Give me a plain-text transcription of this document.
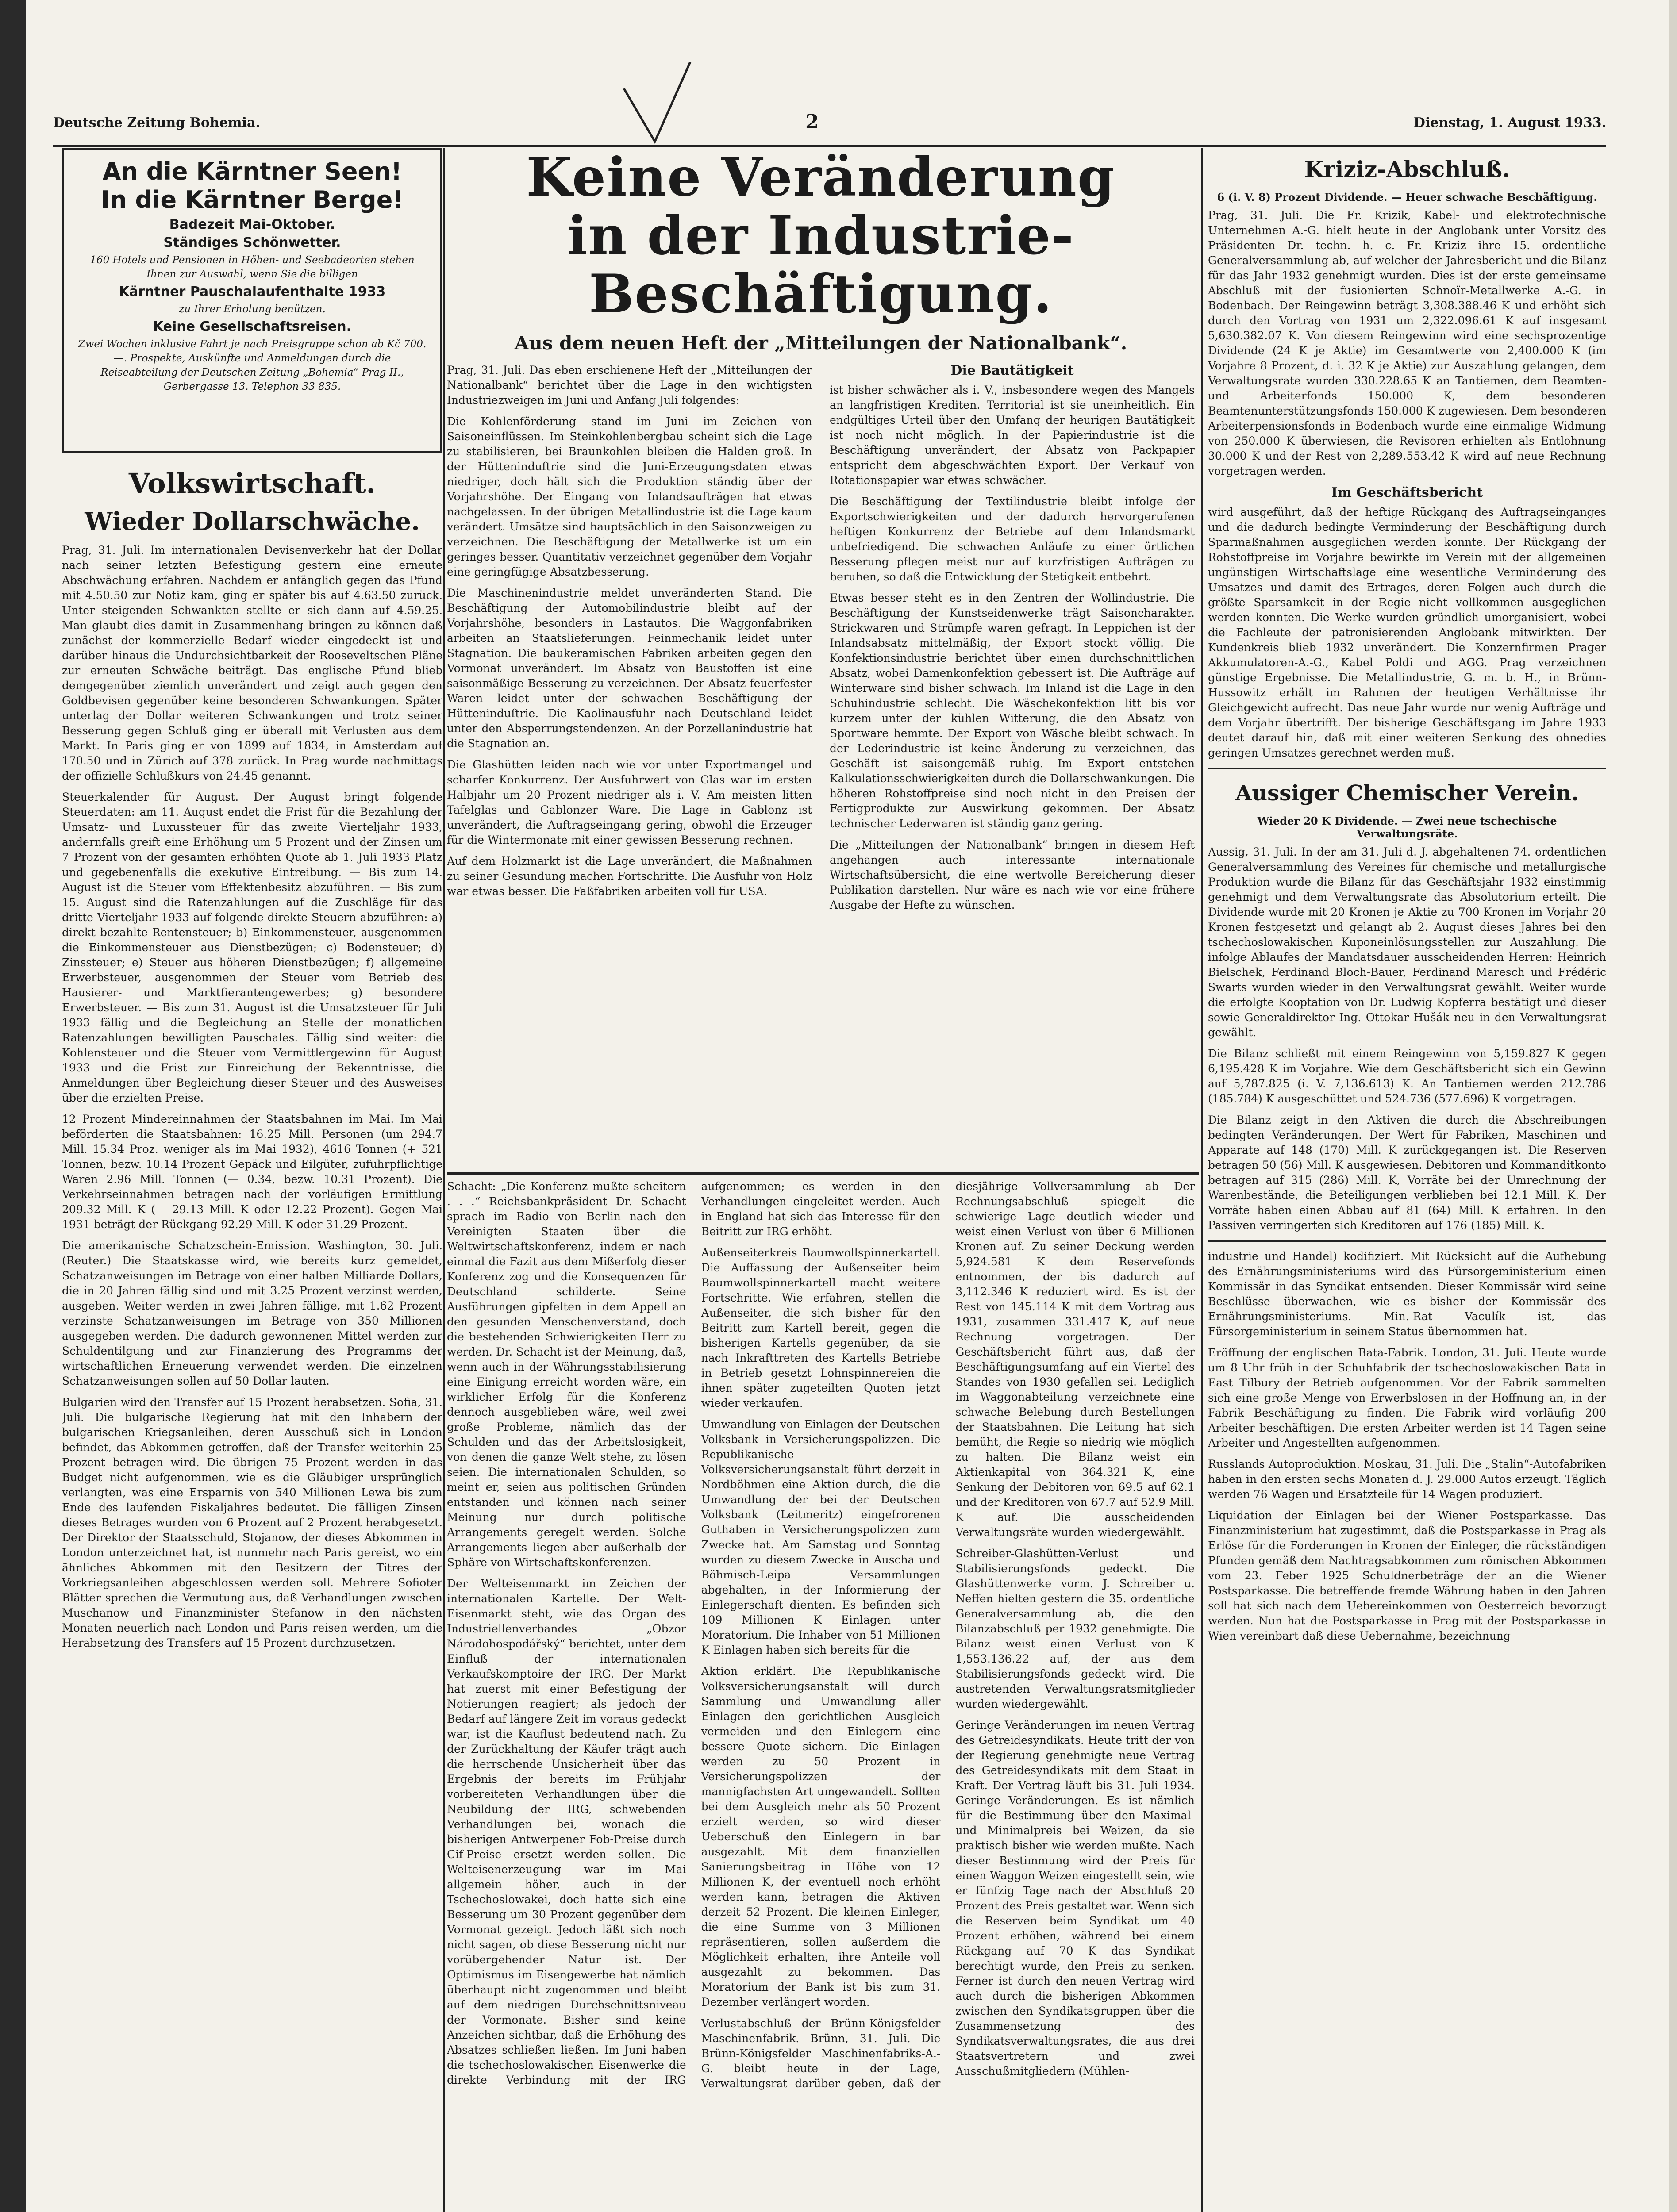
Deutsche Zeitung Bohemia.	2	Dienstag, 1. August 1933.
An die Kärntner Seen!
In die Kärntner Berge!
Badezeit Mai-Oktober.
Ständiges Schönwetter.
160 Hotels und Pensionen in Höhen- und Seebadeorten stehen Ihnen zur Auswahl, wenn Sie die billigen
Kärntner Pauschalaufenthalte 1933
zu Ihrer Erholung benützen.
Keine Gesellschaftsreisen.
Zwei Wochen inklusive Fahrt je nach Preisgruppe schon ab Kč 700.—. Prospekte, Auskünfte und Anmeldungen durch die Reiseabteilung der Deutschen Zeitung „Bohemia“ Prag II., Gerbergasse 13. Telephon 33 835.
Volkswirtschaft.
Wieder Dollarschwäche.

Prag, 31. Juli. Im internationalen Devisenverkehr hat der Dollar nach seiner letzten Befestigung gestern eine erneute Abschwächung erfahren. Nachdem er anfänglich gegen das Pfund mit 4.50.50 zur Notiz kam, ging er später bis auf 4.63.50 zurück. Unter steigenden Schwankten stellte er sich dann auf 4.59.25. Man glaubt dies damit in Zusammenhang bringen zu können daß zunächst der kommerzielle Bedarf wieder eingedeckt ist und darüber hinaus die Undurchsichtbarkeit der Rooseveltschen Pläne zur erneuten Schwäche beiträgt. Das englische Pfund blieb demgegenüber ziemlich unverändert und zeigt auch gegen den Goldbevisen gegenüber keine besonderen Schwankungen. Später unterlag der Dollar weiteren Schwankungen und trotz seiner Besserung gegen Schluß ging er überall mit Verlusten aus dem Markt. In Paris ging er von 1899 auf 1834, in Amsterdam auf 170.50 und in Zürich auf 378 zurück. In Prag wurde nachmittags der offizielle Schlußkurs von 24.45 genannt.

Steuerkalender für August. Der August bringt folgende Steuerdaten: am 11. August endet die Frist für die Bezahlung der Umsatz- und Luxussteuer für das zweite Vierteljahr 1933, andernfalls greift eine Erhöhung um 5 Prozent und der Zinsen um 7 Prozent von der gesamten erhöhten Quote ab 1. Juli 1933 Platz und gegebenenfalls die exekutive Eintreibung. — Bis zum 14. August ist die Steuer vom Effektenbesitz abzuführen. — Bis zum 15. August sind die Ratenzahlungen auf die Zuschläge für das dritte Vierteljahr 1933 auf folgende direkte Steuern abzuführen: a) direkt bezahlte Rentensteuer; b) Einkommensteuer, ausgenommen die Einkommensteuer aus Dienstbezügen; c) Bodensteuer; d) Zinssteuer; e) Steuer aus höheren Dienstbezügen; f) allgemeine Erwerbsteuer, ausgenommen der Steuer vom Betrieb des Hausierer- und Marktfierantengewerbes; g) besondere Erwerbsteuer. — Bis zum 31. August ist die Umsatzsteuer für Juli 1933 fällig und die Begleichung an Stelle der monatlichen Ratenzahlungen bewilligten Pauschales. Fällig sind weiter: die Kohlensteuer und die Steuer vom Vermittlergewinn für August 1933 und die Frist zur Einreichung der Bekenntnisse, die Anmeldungen über Begleichung dieser Steuer und des Ausweises über die erzielten Preise.

12 Prozent Mindereinnahmen der Staatsbahnen im Mai. Im Mai beförderten die Staatsbahnen: 16.25 Mill. Personen (um 294.7 Mill. 15.34 Proz. weniger als im Mai 1932), 4616 Tonnen (+ 521 Tonnen, bezw. 10.14 Prozent Gepäck und Eilgüter, zufuhrpflichtige Waren 2.96 Mill. Tonnen (— 0.34, bezw. 10.31 Prozent). Die Verkehrseinnahmen betragen nach der vorläufigen Ermittlung 209.32 Mill. K (— 29.13 Mill. K oder 12.22 Prozent). Gegen Mai 1931 beträgt der Rückgang 92.29 Mill. K oder 31.29 Prozent.

Die amerikanische Schatzschein-Emission. Washington, 30. Juli. (Reuter.) Die Staatskasse wird, wie bereits kurz gemeldet, Schatzanweisungen im Betrage von einer halben Milliarde Dollars, die in 20 Jahren fällig sind und mit 3.25 Prozent verzinst werden, ausgeben. Weiter werden in zwei Jahren fällige, mit 1.62 Prozent verzinste Schatzanweisungen im Betrage von 350 Millionen ausgegeben werden. Die dadurch gewonnenen Mittel werden zur Schuldentilgung und zur Finanzierung des Programms der wirtschaftlichen Erneuerung verwendet werden. Die einzelnen Schatzanweisungen sollen auf 50 Dollar lauten.

Bulgarien wird den Transfer auf 15 Prozent herabsetzen. Sofia, 31. Juli. Die bulgarische Regierung hat mit den Inhabern der bulgarischen Kriegsanleihen, deren Ausschuß sich in London befindet, das Abkommen getroffen, daß der Transfer weiterhin 25 Prozent betragen wird. Die übrigen 75 Prozent werden in das Budget nicht aufgenommen, wie es die Gläubiger ursprünglich verlangten, was eine Ersparnis von 540 Millionen Lewa bis zum Ende des laufenden Fiskaljahres bedeutet. Die fälligen Zinsen dieses Betrages wurden von 6 Prozent auf 2 Prozent herabgesetzt. Der Direktor der Staatsschuld, Stojanow, der dieses Abkommen in London unterzeichnet hat, ist nunmehr nach Paris gereist, wo ein ähnliches Abkommen mit den Besitzern der Titres der Vorkriegsanleihen abgeschlossen werden soll. Mehrere Sofioter Blätter sprechen die Vermutung aus, daß Verhandlungen zwischen Muschanow und Finanzminister Stefanow in den nächsten Monaten neuerlich nach London und Paris reisen werden, um die Herabsetzung des Transfers auf 15 Prozent durchzusetzen.

Keine Veränderung
in der Industrie-Beschäftigung.
Aus dem neuen Heft der „Mitteilungen der Nationalbank“.

Prag, 31. Juli. Das eben erschienene Heft der „Mitteilungen der Nationalbank“ berichtet über die Lage in den wichtigsten Industriezweigen im Juni und Anfang Juli folgendes:

Die Kohlenförderung stand im Juni im Zeichen von Saisoneinflüssen. Im Steinkohlenbergbau scheint sich die Lage zu stabilisieren, bei Braunkohlen bleiben die Halden groß. In der Hütteninduſtrie sind die Juni-Erzeugungsdaten etwas niedriger, doch hält sich die Produktion ständig über der Vorjahrshöhe. Der Eingang von Inlandsaufträgen hat etwas nachgelassen. In der übrigen Metallindustrie ist die Lage kaum verändert. Umsätze sind hauptsächlich in den Saisonzweigen zu verzeichnen. Die Beschäftigung der Metallwerke ist um ein geringes besser. Quantitativ verzeichnet gegenüber dem Vorjahr eine geringfügige Absatzbesserung.

Die Maschinenindustrie meldet unveränderten Stand. Die Beschäftigung der Automobilindustrie bleibt auf der Vorjahrshöhe, besonders in Lastautos. Die Waggonfabriken arbeiten an Staatslieferungen. Feinmechanik leidet unter Stagnation. Die baukeramischen Fabriken arbeiten gegen den Vormonat unverändert. Im Absatz von Baustoffen ist eine saisonmäßige Besserung zu verzeichnen. Der Absatz feuerfester Waren leidet unter der schwachen Beschäftigung der Hütteninduſtrie. Die Kaolinausfuhr nach Deutschland leidet unter den Absperrungstendenzen. An der Porzellanindustrie hat die Stagnation an.

Die Glashütten leiden nach wie vor unter Exportmangel und scharfer Konkurrenz. Der Ausfuhrwert von Glas war im ersten Halbjahr um 20 Prozent niedriger als i. V. Am meisten litten Tafelglas und Gablonzer Ware. Die Lage in Gablonz ist unverändert, die Auftragseingang gering, obwohl die Erzeuger für die Wintermonate mit einer gewissen Besserung rechnen.

Auf dem Holzmarkt ist die Lage unverändert, die Maßnahmen zu seiner Gesundung machen Fortschritte. Die Ausfuhr von Holz war etwas besser. Die Faßfabriken arbeiten voll für USA.

Die Bautätigkeit

ist bisher schwächer als i. V., insbesondere wegen des Mangels an langfristigen Krediten. Territorial ist sie uneinheitlich. Ein endgültiges Urteil über den Umfang der heurigen Bautätigkeit ist noch nicht möglich. In der Papierindustrie ist die Beschäftigung unverändert, der Absatz von Packpapier entspricht dem abgeschwächten Export. Der Verkauf von Rotationspapier war etwas schwächer.

Die Beschäftigung der Textilindustrie bleibt infolge der Exportschwierigkeiten und der dadurch hervorgerufenen heftigen Konkurrenz der Betriebe auf dem Inlandsmarkt unbefriedigend. Die schwachen Anläufe zu einer örtlichen Besserung pflegen meist nur auf kurzfristigen Aufträgen zu beruhen, so daß die Entwicklung der Stetigkeit entbehrt.

Etwas besser steht es in den Zentren der Wollindustrie. Die Beschäftigung der Kunstseidenwerke trägt Saisoncharakter. Strickwaren und Strümpfe waren gefragt. In Leppichen ist der Inlandsabsatz mittelmäßig, der Export stockt völlig. Die Konfektionsindustrie berichtet über einen durchschnittlichen Absatz, wobei Damenkonfektion gebessert ist. Die Aufträge auf Winterware sind bisher schwach. Im Inland ist die Lage in den Schuhindustrie schlecht. Die Wäschekonfektion litt bis vor kurzem unter der kühlen Witterung, die den Absatz von Sportware hemmte. Der Export von Wäsche bleibt schwach. In der Lederindustrie ist keine Änderung zu verzeichnen, das Geschäft ist saisongemäß ruhig. Im Export entstehen Kalkulationsschwierigkeiten durch die Dollarschwankungen. Die höheren Rohstoffpreise sind noch nicht in den Preisen der Fertigprodukte zur Auswirkung gekommen. Der Absatz technischer Lederwaren ist ständig ganz gering.

Die „Mitteilungen der Nationalbank“ bringen in diesem Heft angehangen auch interessante internationale Wirtschaftsübersicht, die eine wertvolle Bereicherung dieser Publikation darstellen. Nur wäre es nach wie vor eine frühere Ausgabe der Hefte zu wünschen.

Schacht: „Die Konferenz mußte scheitern . . .“ Reichsbankpräsident Dr. Schacht sprach im Radio von Berlin nach den Vereinigten Staaten über die Weltwirtschaftskonferenz, indem er nach einmal die Fazit aus dem Mißerfolg dieser Konferenz zog und die Konsequenzen für Deutschland schilderte. Seine Ausführungen gipfelten in dem Appell an den gesunden Menschenverstand, doch die bestehenden Schwierigkeiten Herr zu werden. Dr. Schacht ist der Meinung, daß, wenn auch in der Währungsstabilisierung eine Einigung erreicht worden wäre, ein wirklicher Erfolg für die Konferenz dennoch ausgeblieben wäre, weil zwei große Probleme, nämlich das der Schulden und das der Arbeitslosigkeit, von denen die ganze Welt stehe, zu lösen seien. Die internationalen Schulden, so meint er, seien aus politischen Gründen entstanden und können nach seiner Meinung nur durch politische Arrangements geregelt werden. Solche Arrangements liegen aber außerhalb der Sphäre von Wirtschaftskonferenzen.

Der Welteisenmarkt im Zeichen der internationalen Kartelle. Der Welt-Eisenmarkt steht, wie das Organ des Industriellenverbandes „Obzor Národohospodářský“ berichtet, unter dem Einfluß der internationalen Verkaufskomptoire der IRG. Der Markt hat zuerst mit einer Befestigung der Notierungen reagiert; als jedoch der Bedarf auf längere Zeit im voraus gedeckt war, ist die Kauflust bedeutend nach. Zu der Zurückhaltung der Käufer trägt auch die herrschende Unsicherheit über das Ergebnis der bereits im Frühjahr vorbereiteten Verhandlungen über die Neubildung der IRG, schwebenden Verhandlungen bei, wonach die bisherigen Antwerpener Fob-Preise durch Cif-Preise ersetzt werden sollen. Die Welteisenerzeugung war im Mai allgemein höher, auch in der Tschechoslowakei, doch hatte sich eine Besserung um 30 Prozent gegenüber dem Vormonat gezeigt. Jedoch läßt sich noch nicht sagen, ob diese Besserung nicht nur vorübergehender Natur ist. Der Optimismus im Eisengewerbe hat nämlich überhaupt nicht zugenommen und bleibt auf dem niedrigen Durchschnittsniveau der Vormonate. Bisher sind keine Anzeichen sichtbar, daß die Erhöhung des Absatzes schließen ließen. Im Juni haben die tschechoslowakischen Eisenwerke die direkte Verbindung mit der IRG aufgenommen; es werden in den Verhandlungen eingeleitet werden. Auch in England hat sich das Interesse für den Beitritt zur IRG erhöht.

Außenseiterkreis Baumwollspinnerkartell. Die Auffassung der Außenseiter beim Baumwollspinnerkartell macht weitere Fortschritte. Wie erfahren, stellen die Außenseiter, die sich bisher für den Beitritt zum Kartell bereit, gegen die bisherigen Kartells gegenüber, da sie nach Inkrafttreten des Kartells Betriebe in Betrieb gesetzt Lohnspinnereien die ihnen später zugeteilten Quoten jetzt wieder verkaufen.

Umwandlung von Einlagen der Deutschen Volksbank in Versicherungspolizzen. Die Republikanische Volksversicherungsanstalt führt derzeit in Nordböhmen eine Aktion durch, die die Umwandlung der bei der Deutschen Volksbank (Leitmeritz) eingefrorenen Guthaben in Versicherungspolizzen zum Zwecke hat. Am Samstag und Sonntag wurden zu diesem Zwecke in Auscha und Böhmisch-Leipa Versammlungen abgehalten, in der Informierung der Einlegerschaft dienten. Es befinden sich 109 Millionen K Einlagen unter Moratorium. Die Inhaber von 51 Millionen K Einlagen haben sich bereits für die

Aktion erklärt. Die Republikanische Volksversicherungsanstalt will durch Sammlung und Umwandlung aller Einlagen den gerichtlichen Ausgleich vermeiden und den Einlegern eine bessere Quote sichern. Die Einlagen werden zu 50 Prozent in Versicherungspolizzen der mannigfachsten Art umgewandelt. Sollten bei dem Ausgleich mehr als 50 Prozent erzielt werden, so wird dieser Ueberschuß den Einlegern in bar ausgezahlt. Mit dem finanziellen Sanierungsbeitrag in Höhe von 12 Millionen K, der eventuell noch erhöht werden kann, betragen die Aktiven derzeit 52 Prozent. Die kleinen Einleger, die eine Summe von 3 Millionen repräsentieren, sollen außerdem die Möglichkeit erhalten, ihre Anteile voll ausgezahlt zu bekommen. Das Moratorium der Bank ist bis zum 31. Dezember verlängert worden.

Verlustabschluß der Brünn-Königsfelder Maschinenfabrik. Brünn, 31. Juli. Die Brünn-Königsfelder Maschinenfabriks-A.-G. bleibt heute in der Lage, Verwaltungsrat darüber geben, daß der diesjährige Vollversammlung ab Der Rechnungsabschluß spiegelt die schwierige Lage deutlich wieder und weist einen Verlust von über 6 Millionen Kronen auf. Zu seiner Deckung werden 5,924.581 K dem Reservefonds entnommen, der bis dadurch auf 3,112.346 K reduziert wird. Es ist der Rest von 145.114 K mit dem Vortrag aus 1931, zusammen 331.417 K, auf neue Rechnung vorgetragen. Der Geschäftsbericht führt aus, daß der Beschäftigungsumfang auf ein Viertel des Standes von 1930 gefallen sei. Lediglich im Waggonabteilung verzeichnete eine schwache Belebung durch Bestellungen der Staatsbahnen. Die Leitung hat sich bemüht, die Regie so niedrig wie möglich zu halten. Die Bilanz weist ein Aktienkapital von 364.321 K, eine Senkung der Debitoren von 69.5 auf 62.1 und der Kreditoren von 67.7 auf 52.9 Mill. K auf. Die ausscheidenden Verwaltungsräte wurden wiedergewählt.

Schreiber-Glashütten-Verlust und Stabilisierungsfonds gedeckt. Die Glashüttenwerke vorm. J. Schreiber u. Neffen hielten gestern die 35. ordentliche Generalversammlung ab, die den Bilanzabschluß per 1932 genehmigte. Die Bilanz weist einen Verlust von K 1,553.136.22 auf, der aus dem Stabilisierungsfonds gedeckt wird. Die austretenden Verwaltungsratsmitglieder wurden wiedergewählt.

Geringe Veränderungen im neuen Vertrag des Getreidesyndikats. Heute tritt der von der Regierung genehmigte neue Vertrag des Getreidesyndikats mit dem Staat in Kraft. Der Vertrag läuft bis 31. Juli 1934. Geringe Veränderungen. Es ist nämlich für die Bestimmung über den Maximal- und Minimalpreis bei Weizen, da sie praktisch bisher wie werden mußte. Nach dieser Bestimmung wird der Preis für einen Waggon Weizen eingestellt sein, wie er fünfzig Tage nach der Abschluß 20 Prozent des Preis gestaltet war. Wenn sich die Reserven beim Syndikat um 40 Prozent erhöhen, während bei einem Rückgang auf 70 K das Syndikat berechtigt wurde, den Preis zu senken. Ferner ist durch den neuen Vertrag wird auch durch die bisherigen Abkommen zwischen den Syndikatsgruppen über die Zusammensetzung des Syndikatsverwaltungsrates, die aus drei Staatsvertretern und zwei Ausschußmitgliedern (Mühlen-

Kriziz-Abschluß.
6 (i. V. 8) Prozent Dividende. — Heuer schwache Beschäftigung.

Prag, 31. Juli. Die Fr. Krizik, Kabel- und elektrotechnische Unternehmen A.-G. hielt heute in der Anglobank unter Vorsitz des Präsidenten Dr. techn. h. c. Fr. Kriziz ihre 15. ordentliche Generalversammlung ab, auf welcher der Jahresbericht und die Bilanz für das Jahr 1932 genehmigt wurden. Dies ist der erste gemeinsame Abschluß mit der fusionierten Schnoïr-Metallwerke A.-G. in Bodenbach. Der Reingewinn beträgt 3,308.388.46 K und erhöht sich durch den Vortrag von 1931 um 2,322.096.61 K auf insgesamt 5,630.382.07 K. Von diesem Reingewinn wird eine sechsprozentige Dividende (24 K je Aktie) im Gesamtwerte von 2,400.000 K (im Vorjahre 8 Prozent, d. i. 32 K je Aktie) zur Auszahlung gelangen, dem Verwaltungsrate wurden 330.228.65 K an Tantiemen, dem Beamten- und Arbeiterfonds 150.000 K, dem besonderen Beamtenunterstützungsfonds 150.000 K zugewiesen. Dem besonderen Arbeiterpensionsfonds in Bodenbach wurde eine einmalige Widmung von 250.000 K überwiesen, die Revisoren erhielten als Entlohnung 30.000 K und der Rest von 2,289.553.42 K wird auf neue Rechnung vorgetragen werden.

Im Geschäftsbericht

wird ausgeführt, daß der heftige Rückgang des Auftragseinganges und die dadurch bedingte Verminderung der Beschäftigung durch Sparmaßnahmen ausgeglichen werden konnte. Der Rückgang der Rohstoffpreise im Vorjahre bewirkte im Verein mit der allgemeinen ungünstigen Wirtschaftslage eine wesentliche Verminderung des Umsatzes und damit des Ertrages, deren Folgen auch durch die größte Sparsamkeit in der Regie nicht vollkommen ausgeglichen werden konnten. Die Werke wurden gründlich umorganisiert, wobei die Fachleute der patronisierenden Anglobank mitwirkten. Der Kundenkreis blieb 1932 unverändert. Die Konzernfirmen Prager Akkumulatoren-A.-G., Kabel Poldi und AGG. Prag verzeichnen günstige Ergebnisse. Die Metallindustrie, G. m. b. H., in Brünn-Hussowitz erhält im Rahmen der heutigen Verhältnisse ihr Gleichgewicht aufrecht. Das neue Jahr wurde nur wenig Aufträge und dem Vorjahr übertrifft. Der bisherige Geschäftsgang im Jahre 1933 deutet darauf hin, daß mit einer weiteren Senkung des ohnedies geringen Umsatzes gerechnet werden muß.

Aussiger Chemischer Verein.
Wieder 20 K Dividende. — Zwei neue tschechische Verwaltungsräte.

Aussig, 31. Juli. In der am 31. Juli d. J. abgehaltenen 74. ordentlichen Generalversammlung des Vereines für chemische und metallurgische Produktion wurde die Bilanz für das Geschäftsjahr 1932 einstimmig genehmigt und dem Verwaltungsrate das Absolutorium erteilt. Die Dividende wurde mit 20 Kronen je Aktie zu 700 Kronen im Vorjahr 20 Kronen festgesetzt und gelangt ab 2. August dieses Jahres bei den tschechoslowakischen Kuponeinlösungsstellen zur Auszahlung. Die infolge Ablaufes der Mandatsdauer ausscheidenden Herren: Heinrich Bielschek, Ferdinand Bloch-Bauer, Ferdinand Maresch und Frédéric Swarts wurden wieder in den Verwaltungsrat gewählt. Weiter wurde die erfolgte Kooptation von Dr. Ludwig Kopferra bestätigt und dieser sowie Generaldirektor Ing. Ottokar Hušák neu in den Verwaltungsrat gewählt.

Die Bilanz schließt mit einem Reingewinn von 5,159.827 K gegen 6,195.428 K im Vorjahre. Wie dem Geschäftsbericht sich ein Gewinn auf 5,787.825 (i. V. 7,136.613) K. An Tantiemen werden 212.786 (185.784) K ausgeschüttet und 524.736 (577.696) K vorgetragen.

Die Bilanz zeigt in den Aktiven die durch die Abschreibungen bedingten Veränderungen. Der Wert für Fabriken, Maschinen und Apparate auf 148 (170) Mill. K zurückgegangen ist. Die Reserven betragen 50 (56) Mill. K ausgewiesen. Debitoren und Kommanditkonto betragen auf 315 (286) Mill. K, Vorräte bei der Umrechnung der Warenbestände, die Beteiligungen verblieben bei 12.1 Mill. K. Der Vorräte haben einen Abbau auf 81 (64) Mill. K erfahren. In den Passiven verringerten sich Kreditoren auf 176 (185) Mill. K.

industrie und Handel) kodifiziert. Mit Rücksicht auf die Aufhebung des Ernährungsministeriums wird das Fürsorgeministerium einen Kommissär in das Syndikat entsenden. Dieser Kommissär wird seine Beschlüsse überwachen, wie es bisher der Kommissär des Ernährungsministeriums. Min.-Rat Vaculík ist, das Fürsorgeministerium in seinem Status übernommen hat.

Eröffnung der englischen Bata-Fabrik. London, 31. Juli. Heute wurde um 8 Uhr früh in der Schuhfabrik der tschechoslowakischen Bata in East Tilbury der Betrieb aufgenommen. Vor der Fabrik sammelten sich eine große Menge von Erwerbslosen in der Hoffnung an, in der Fabrik Beschäftigung zu finden. Die Fabrik wird vorläufig 200 Arbeiter beschäftigen. Die ersten Arbeiter werden ist 14 Tagen seine Arbeiter und Angestellten aufgenommen.

Russlands Autoproduktion. Moskau, 31. Juli. Die „Stalin“-Autofabriken haben in den ersten sechs Monaten d. J. 29.000 Autos erzeugt. Täglich werden 76 Wagen und Ersatzteile für 14 Wagen produziert.

Liquidation der Einlagen bei der Wiener Postsparkasse. Das Finanzministerium hat zugestimmt, daß die Postsparkasse in Prag als Erlöse für die Forderungen in Kronen der Einleger, die rückständigen Pfunden gemäß dem Nachtragsabkommen zum römischen Abkommen vom 23. Feber 1925 Schuldnerbeträge der an die Wiener Postsparkasse. Die betreffende fremde Währung haben in den Jahren soll hat sich nach dem Uebereinkommen von Oesterreich bevorzugt werden. Nun hat die Postsparkasse in Prag mit der Postsparkasse in Wien vereinbart daß diese Uebernahme, bezeichnung
